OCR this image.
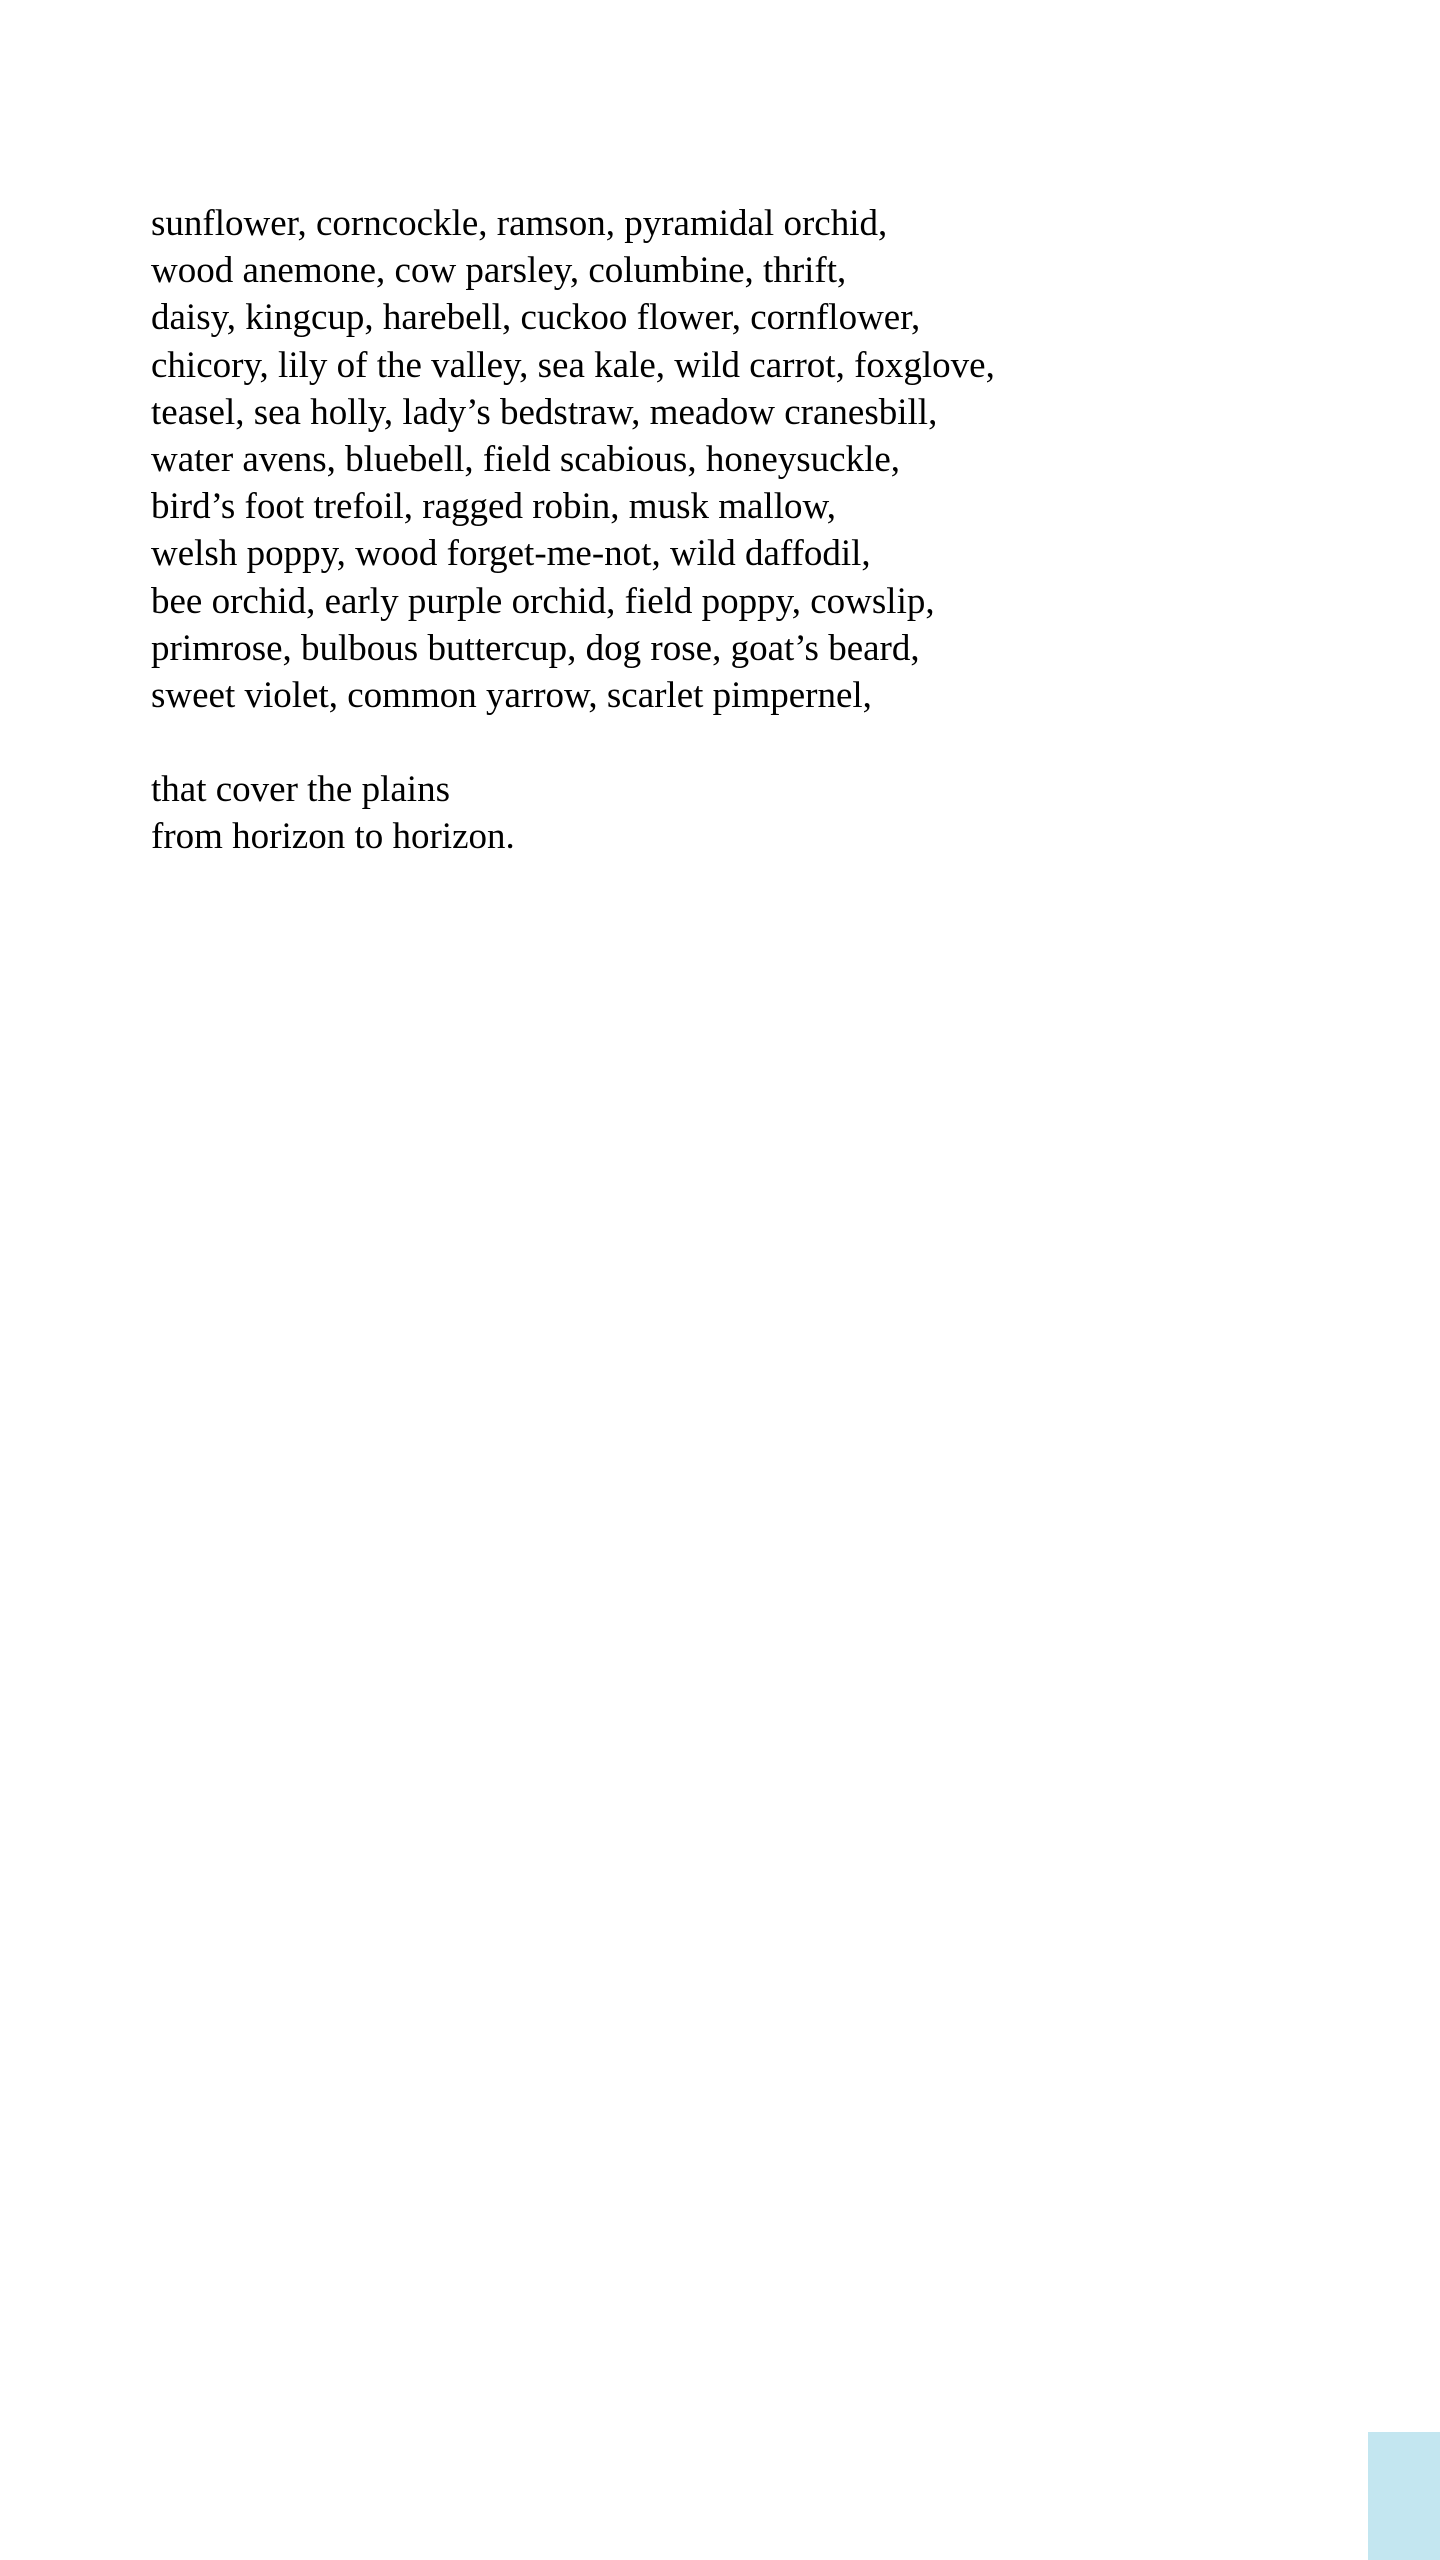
sunflower, corncockle, ramson, pyramidal orchid,
wood anemone, cow parsley, columbine, thrift,
daisy, kingcup, harebell, cuckoo flower, cornflower,
chicory, lily of the valley, sea kale, wild carrot, foxglove,
teasel, sea holly, lady’s bedstraw, meadow cranesbill,
water avens, bluebell, field scabious, honeysuckle,
bird’s foot trefoil, ragged robin, musk mallow,
welsh poppy, wood forget-me-not, wild daffodil,
bee orchid, early purple orchid, field poppy, cowslip,
primrose, bulbous buttercup, dog rose, goat’s beard,
sweet violet, common yarrow, scarlet pimpernel,

that cover the plains
from horizon to horizon.
